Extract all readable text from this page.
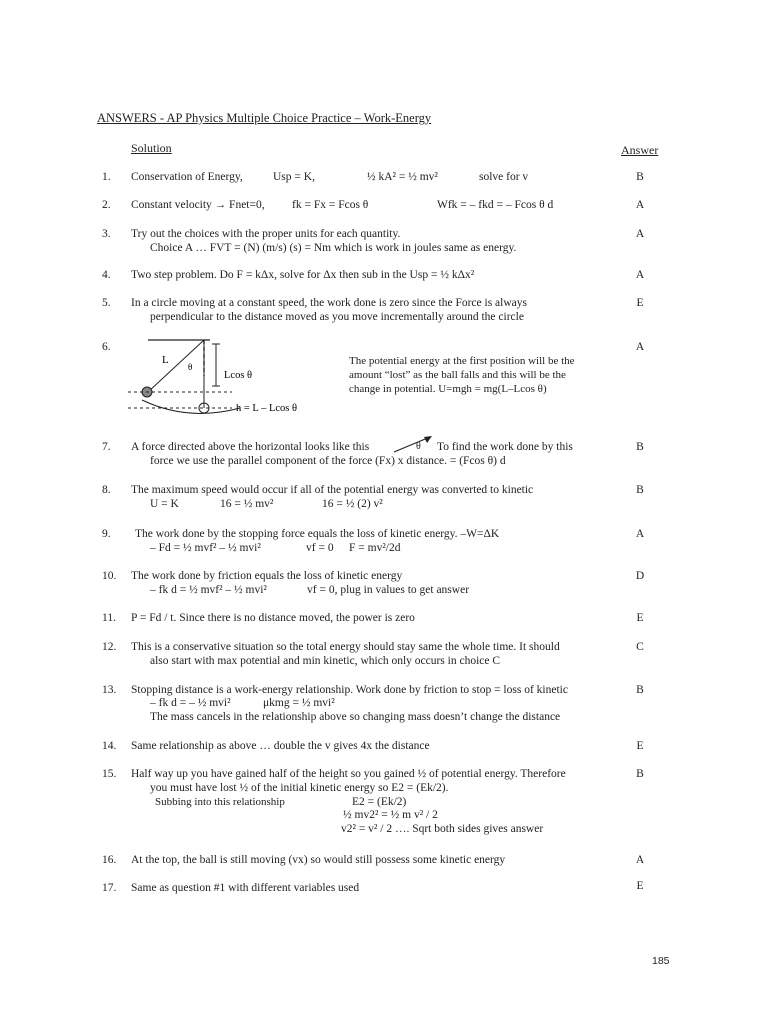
ANSWERS - AP Physics Multiple Choice Practice – Work-Energy
Solution	Answer
1. Conservation of Energy,	Usp = K,	½ kA² = ½ mv²	solve for v	B
2. Constant velocity → Fnet=0, fk = Fx = Fcos θ	Wfk = – fkd = – Fcos θ d	A
3. Try out the choices with the proper units for each quantity.
Choice A … FVT = (N) (m/s) (s) = Nm which is work in joules same as energy.
A
4. Two step problem. Do F = kΔx, solve for Δx then sub in the Usp = ½ kΔx²	A
5. In a circle moving at a constant speed, the work done is zero since the Force is always
perpendicular to the distance moved as you move incrementally around the circle
E
6.	A
L
θ
Lcos θ
h = L – Lcos θ
The potential energy at the first position will be the
amount “lost” as the ball falls and this will be the
change in potential. U=mgh = mg(L–Lcos θ)
7. A force directed above the horizontal looks like this	θ To find the work done by this
force we use the parallel component of the force (Fx) x distance. = (Fcos θ) d
B
8. The maximum speed would occur if all of the potential energy was converted to kinetic
U = K	16 = ½ mv²	16 = ½ (2) v²
B
9. The work done by the stopping force equals the loss of kinetic energy. –W=ΔK
– Fd = ½ mvf² – ½ mvi²	vf = 0 F = mv²/2d
A
10. The work done by friction equals the loss of kinetic energy
– fk d = ½ mvf² – ½ mvi²	vf = 0, plug in values to get answer
D
11. P = Fd / t. Since there is no distance moved, the power is zero	E
12. This is a conservative situation so the total energy should stay same the whole time. It should
also start with max potential and min kinetic, which only occurs in choice C
C
13. Stopping distance is a work-energy relationship. Work done by friction to stop = loss of kinetic
– fk d = – ½ mvi²	μkmg = ½ mvi²
The mass cancels in the relationship above so changing mass doesn’t change the distance
B
14. Same relationship as above … double the v gives 4x the distance	E
15. Half way up you have gained half of the height so you gained ½ of potential energy. Therefore
you must have lost ½ of the initial kinetic energy so E2 = (Ek/2).
Subbing into this relationship	E2 = (Ek/2)
½ mv2² = ½ m v² / 2
v2² = v² / 2 …. Sqrt both sides gives answer
B
16. At the top, the ball is still moving (vx) so would still possess some kinetic energy	A
17. Same as question #1 with different variables used	E
185
